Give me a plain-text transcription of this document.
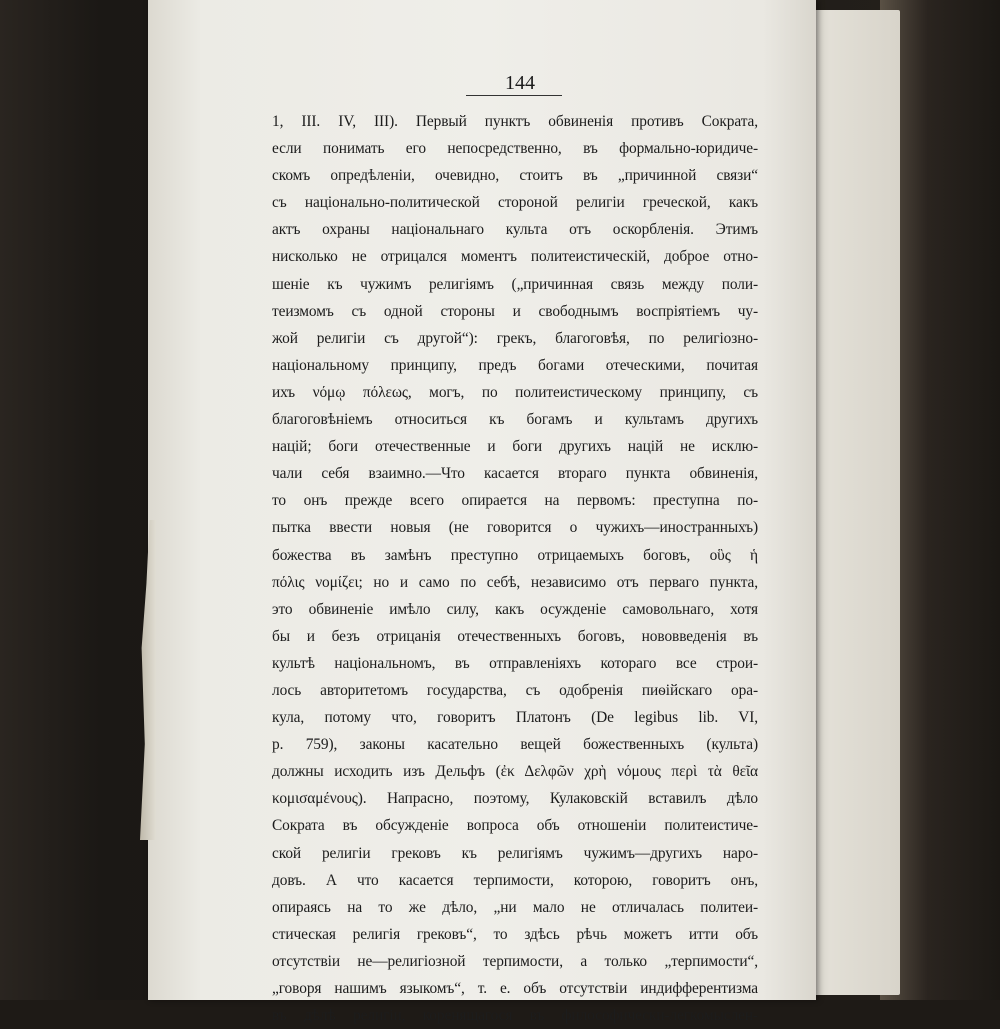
144
1, III. IV, III). Первый пунктъ обвиненія противъ Сократа,
если понимать его непосредственно, въ формально-юридиче-
скомъ опредѣленіи, очевидно, стоитъ въ „причинной связи“
съ національно-политической стороной религіи греческой, какъ
актъ охраны національнаго культа отъ оскорбленія. Этимъ
нисколько не отрицался моментъ политеистическій, доброе отно-
шеніе къ чужимъ религіямъ („причинная связь между поли-
теизмомъ съ одной стороны и свободнымъ воспріятіемъ чу-
жой религіи съ другой“): грекъ, благоговѣя, по религіозно-
національному принципу, предъ богами отеческими, почитая
ихъ νόμῳ πόλεως, могъ, по политеистическому принципу, съ
благоговѣніемъ относиться къ богамъ и культамъ другихъ
націй; боги отечественные и боги другихъ націй не исклю-
чали себя взаимно.—Что касается втораго пункта обвиненія,
то онъ прежде всего опирается на первомъ: преступна по-
пытка ввести новыя (не говорится о чужихъ—иностранныхъ)
божества въ замѣнъ преступно отрицаемыхъ боговъ, οὓς ἡ
πόλις νομίζει; но и само по себѣ, независимо отъ перваго пункта,
это обвиненіе имѣло силу, какъ осужденіе самовольнаго, хотя
бы и безъ отрицанія отечественныхъ боговъ, нововведенія въ
культѣ національномъ, въ отправленіяхъ котораго все строи-
лось авторитетомъ государства, съ одобренія пиѳійскаго ора-
кула, потому что, говоритъ Платонъ (De legibus lib. VI,
p. 759), законы касательно вещей божественныхъ (культа)
должны исходить изъ Дельфъ (ἐκ Δελφῶν χρὴ νόμους περὶ τὰ θεῖα
κομισαμένους). Напрасно, поэтому, Кулаковскій вставилъ дѣло
Сократа въ обсужденіе вопроса объ отношеніи политеистиче-
ской религіи грековъ къ религіямъ чужимъ—другихъ наро-
довъ. А что касается терпимости, которою, говоритъ онъ,
опираясь на то же дѣло, „ни мало не отличалась политеи-
стическая религія грековъ“, то здѣсь рѣчь можетъ итти объ
отсутствіи не—религіозной терпимости, а только „терпимости“,
„говоря нашимъ языкомъ“, т. е. объ отсутствіи индифферентизма
въ дѣлѣ религіи, коренящагося въ философически-легкомыслен-
